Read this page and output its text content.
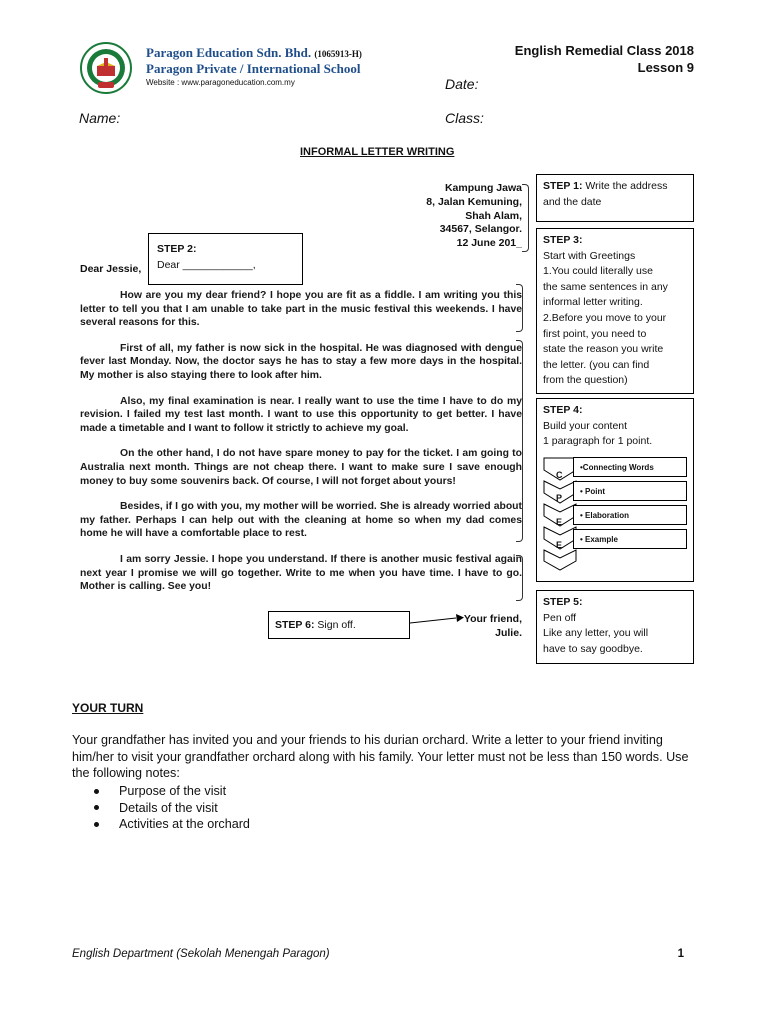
Paragon Education Sdn. Bhd. (1065913-H)
Paragon Private / International School
Website : www.paragoneducation.com.my
English Remedial Class 2018
Lesson 9
Date:
Name:	Class:
INFORMAL LETTER WRITING
Kampung Jawa
8, Jalan Kemuning,
Shah Alam,
34567, Selangor.
12 June 201_
STEP 1: Write the address
and the date
STEP 2:
Dear ____________,
Dear Jessie,
STEP 3:
Start with Greetings
1.You could literally use
the same sentences in any
informal letter writing.
2.Before you move to your
first point, you need to
state the reason you write
the letter. (you can find
from the question)

How are you my dear friend? I hope you are fit as a fiddle. I am writing you this letter to tell you that I am unable to take part in the music festival this weekends. I have several reasons for this.

First of all, my father is now sick in the hospital. He was diagnosed with dengue fever last Monday. Now, the doctor says he has to stay a few more days in the hospital. My mother is also staying there to look after him.

Also, my final examination is near. I really want to use the time I have to do my revision. I failed my test last month. I want to use this opportunity to get better. I have made a timetable and I want to follow it strictly to achieve my goal.

On the other hand, I do not have spare money to pay for the ticket. I am going to Australia next month. Things are not cheap there. I want to make sure I save enough money to buy some souvenirs back. Of course, I will not forget about yours!

Besides, if I go with you, my mother will be worried. She is already worried about my father. Perhaps I can help out with the cleaning at home so when my dad comes home he will have a comfortable place to rest.

I am sorry Jessie. I hope you understand. If there is another music festival again next year I promise we will go together. Write to me when you have time. I have to go. Mother is calling. See you!

STEP 4:
Build your content
1 paragraph for 1 point.
C
P
E
E
•Connecting Words
• Point
• Elaboration
• Example
STEP 5:
Pen off
Like any letter, you will
have to say goodbye.
STEP 6: Sign off.	Your friend,
Julie.
YOUR TURN
Your grandfather has invited you and your friends to his durian orchard. Write a letter to your friend inviting him/her to visit your grandfather orchard along with his family. Your letter must not be less than 150 words. Use the following notes:
Purpose of the visit
Details of the visit
Activities at the orchard
English Department (Sekolah Menengah Paragon)	1
